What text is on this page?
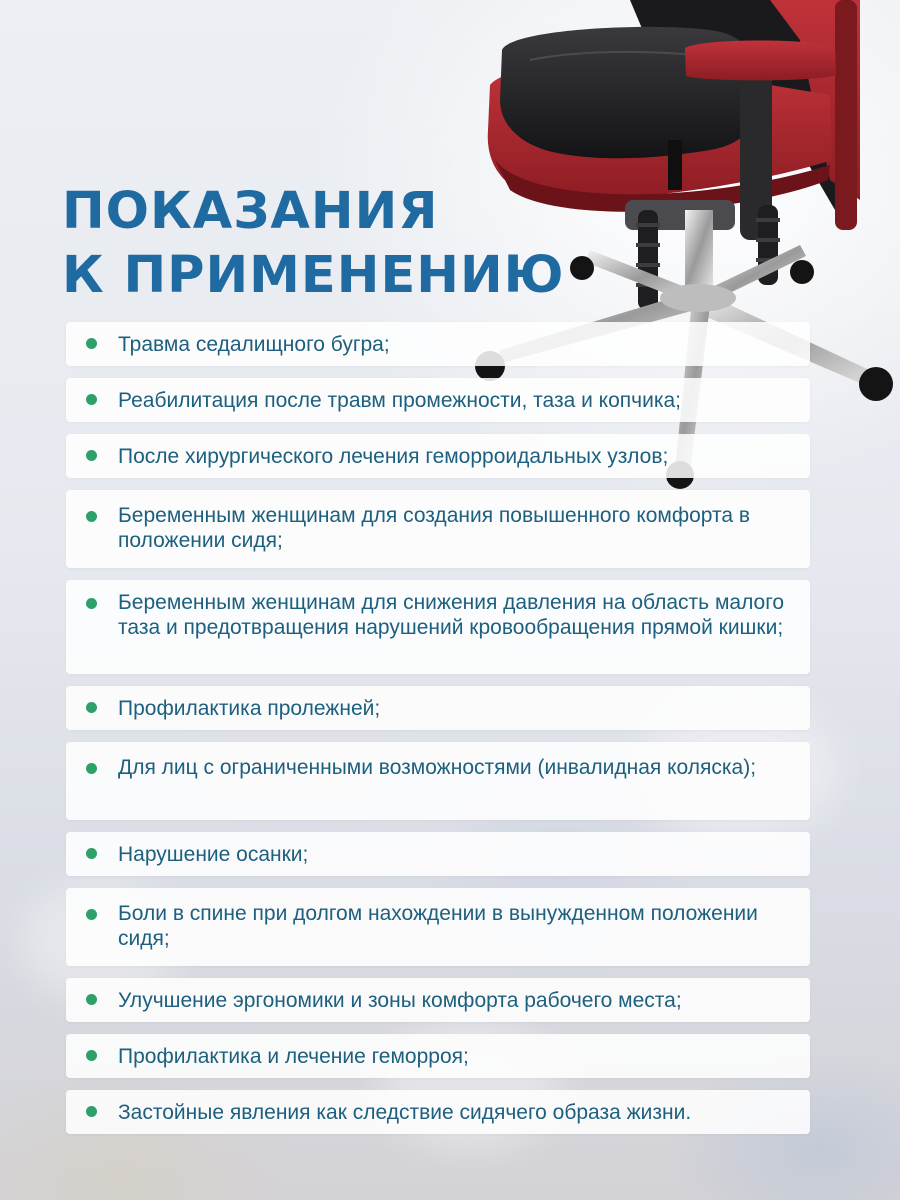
ПОКАЗАНИЯ
К ПРИМЕНЕНИЮ
Травма седалищного бугра;
Реабилитация после травм промежности, таза и копчика;
После хирургического лечения геморроидальных узлов;
Беременным женщинам для создания повышенного комфорта в положении сидя;
Беременным женщинам для снижения давления на область малого таза и предотвращения нарушений кровообращения прямой кишки;
Профилактика пролежней;
Для лиц с ограниченными возможностями (инвалидная коляска);
Нарушение осанки;
Боли в спине при долгом нахождении в вынужденном положении сидя;
Улучшение эргономики и зоны комфорта рабочего места;
Профилактика и лечение геморроя;
Застойные явления как следствие сидячего образа жизни.
